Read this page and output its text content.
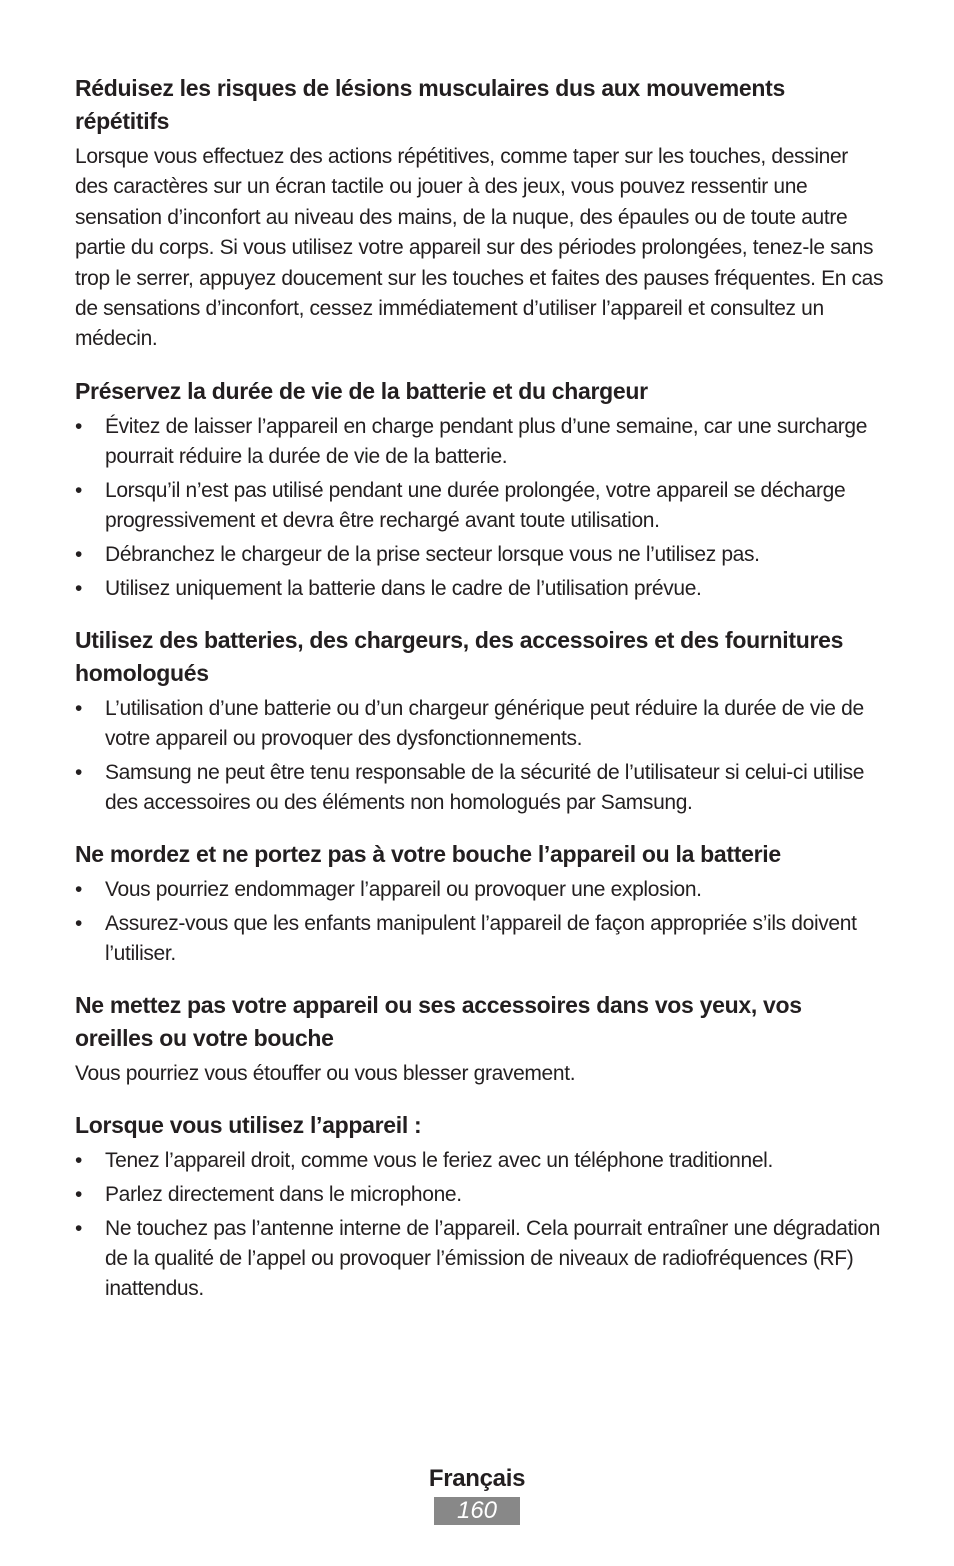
Réduisez les risques de lésions musculaires dus aux mouvements répétitifs

Lorsque vous effectuez des actions répétitives, comme taper sur les touches, dessiner des caractères sur un écran tactile ou jouer à des jeux, vous pouvez ressentir une sensation d’inconfort au niveau des mains, de la nuque, des épaules ou de toute autre partie du corps. Si vous utilisez votre appareil sur des périodes prolongées, tenez-le sans trop le serrer, appuyez doucement sur les touches et faites des pauses fréquentes. En cas de sensations d’inconfort, cessez immédiatement d’utiliser l’appareil et consultez un médecin.

Préservez la durée de vie de la batterie et du chargeur
• Évitez de laisser l’appareil en charge pendant plus d’une semaine, car une surcharge pourrait réduire la durée de vie de la batterie.
• Lorsqu’il n’est pas utilisé pendant une durée prolongée, votre appareil se décharge progressivement et devra être rechargé avant toute utilisation.
• Débranchez le chargeur de la prise secteur lorsque vous ne l’utilisez pas.
• Utilisez uniquement la batterie dans le cadre de l’utilisation prévue.
Utilisez des batteries, des chargeurs, des accessoires et des fournitures homologués
• L’utilisation d’une batterie ou d’un chargeur générique peut réduire la durée de vie de votre appareil ou provoquer des dysfonctionnements.
• Samsung ne peut être tenu responsable de la sécurité de l’utilisateur si celui-ci utilise des accessoires ou des éléments non homologués par Samsung.
Ne mordez et ne portez pas à votre bouche l’appareil ou la batterie
• Vous pourriez endommager l’appareil ou provoquer une explosion.
• Assurez-vous que les enfants manipulent l’appareil de façon appropriée s’ils doivent l’utiliser.
Ne mettez pas votre appareil ou ses accessoires dans vos yeux, vos oreilles ou votre bouche

Vous pourriez vous étouffer ou vous blesser gravement.

Lorsque vous utilisez l’appareil :
• Tenez l’appareil droit, comme vous le feriez avec un téléphone traditionnel.
• Parlez directement dans le microphone.
• Ne touchez pas l’antenne interne de l’appareil. Cela pourrait entraîner une dégradation de la qualité de l’appel ou provoquer l’émission de niveaux de radiofréquences (RF) inattendus.
Français
160
